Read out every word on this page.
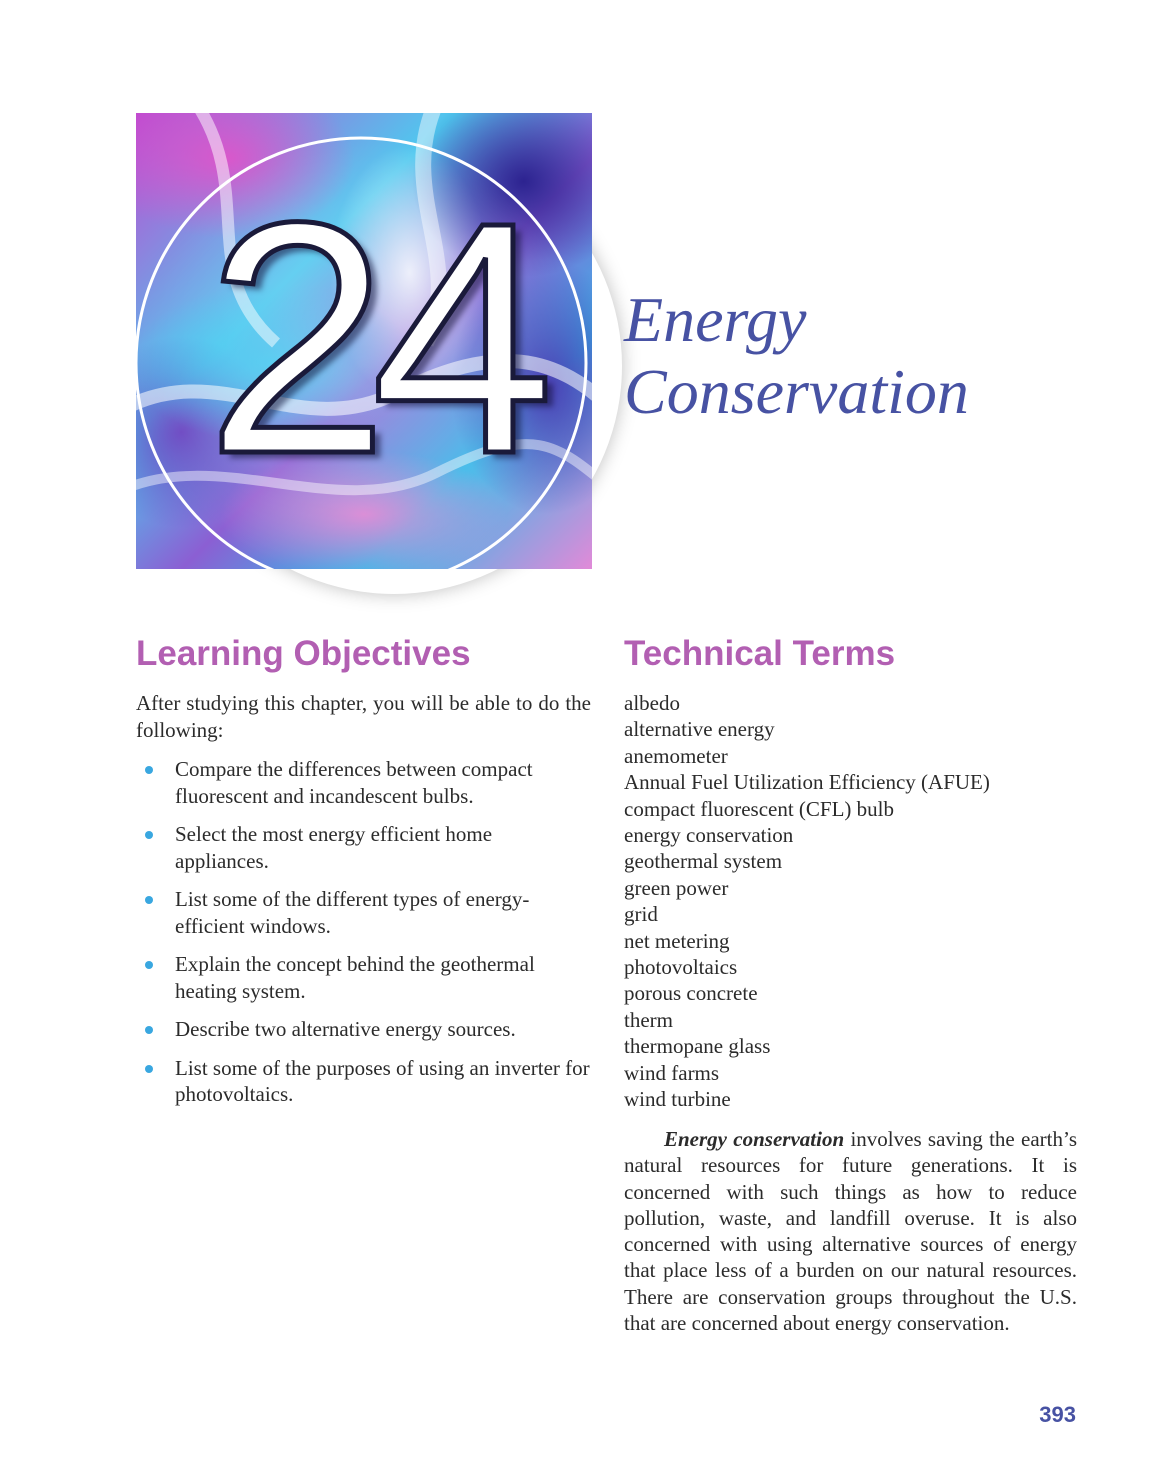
24	Energy
Conservation
Learning Objectives

After studying this chapter, you will be able to do the following:

Compare the differences between compact fluorescent and incandescent bulbs.
Select the most energy efficient home appliances.
List some of the different types of energy-efficient windows.
Explain the concept behind the geothermal heating system.
Describe two alternative energy sources.
List some of the purposes of using an inverter for photovoltaics.
Technical Terms
albedo
alternative energy
anemometer
Annual Fuel Utilization Efficiency (AFUE)
compact fluorescent (CFL) bulb
energy conservation
geothermal system
green power
grid
net metering
photovoltaics
porous concrete
therm
thermopane glass
wind farms
wind turbine

Energy conservation involves saving the earth’s natural resources for future generations. It is concerned with such things as how to reduce pollution, waste, and landfill overuse. It is also concerned with using alternative sources of energy that place less of a burden on our natural resources. There are conservation groups throughout the U.S. that are concerned about energy conservation.

393
